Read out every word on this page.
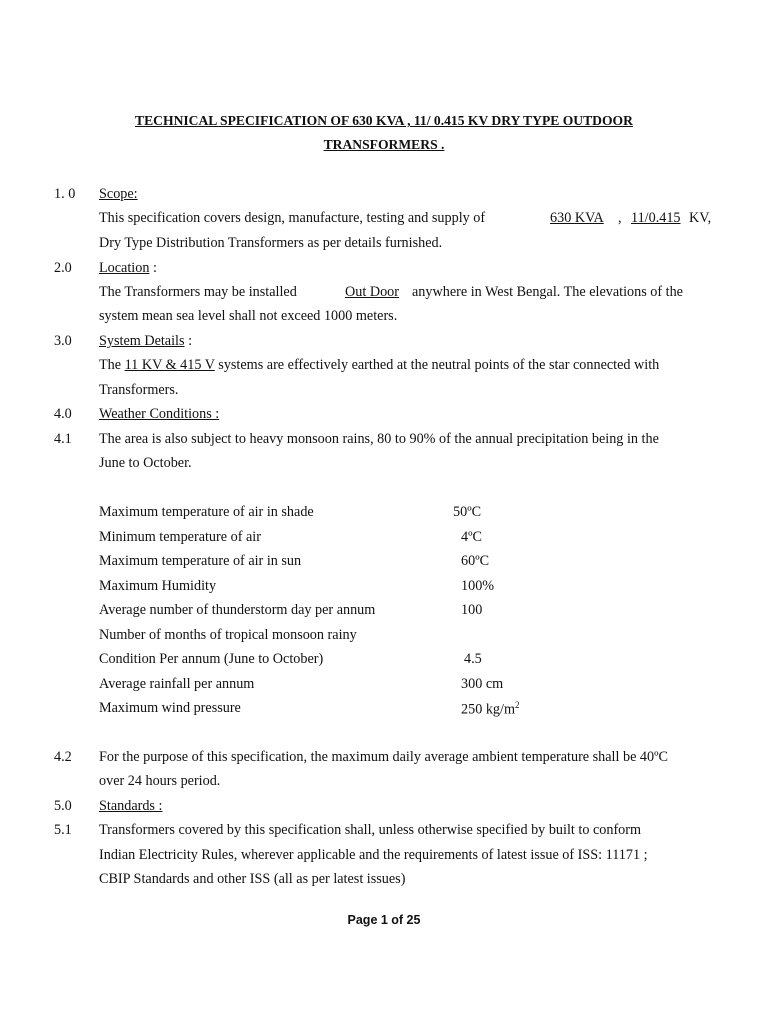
TECHNICAL SPECIFICATION OF 630 KVA , 11/ 0.415 KV DRY TYPE OUTDOOR
TRANSFORMERS .
1. 0 Scope:
This specification covers design, manufacture, testing and supply of	630 KVA , 11/0.415 KV,
Dry Type Distribution Transformers as per details furnished.
2.0 Location :
The Transformers may be installed	Out Door anywhere in West Bengal. The elevations of the
system mean sea level shall not exceed 1000 meters.
3.0 System Details :
The 11 KV & 415 V systems are effectively earthed at the neutral points of the star connected with
Transformers.
4.0 Weather Conditions :
4.1 The area is also subject to heavy monsoon rains, 80 to 90% of the annual precipitation being in the
June to October.
Maximum temperature of air in shade	50ºC
Minimum temperature of air	4ºC
Maximum temperature of air in sun	60ºC
Maximum Humidity	100%
Average number of thunderstorm day per annum	100
Number of months of tropical monsoon rainy
Condition Per annum (June to October)	4.5
Average rainfall per annum	300 cm
Maximum wind pressure	250 $kg/m^2$
4.2 For the purpose of this specification, the maximum daily average ambient temperature shall be 40ºC
over 24 hours period.
5.0 Standards :
5.1 Transformers covered by this specification shall, unless otherwise specified by built to conform
Indian Electricity Rules, wherever applicable and the requirements of latest issue of ISS: 11171 ;
CBIP Standards and other ISS (all as per latest issues)
Page 1 of 25
